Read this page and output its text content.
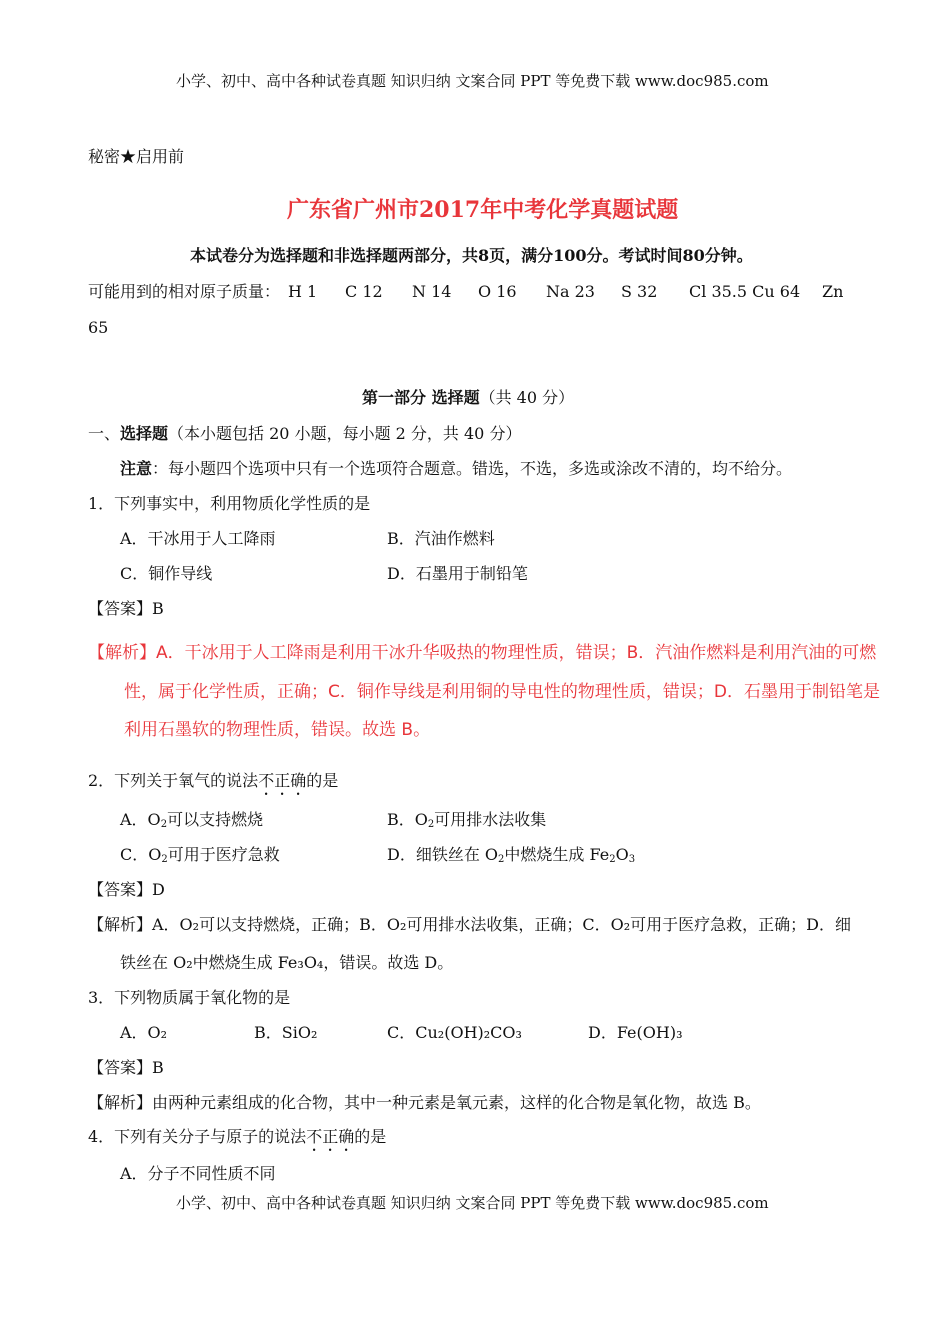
小学、初中、高中各种试卷真题 知识归纳 文案合同 PPT 等免费下载 www.doc985.com
秘密★启用前
广东省广州市2017年中考化学真题试题
本试卷分为选择题和非选择题两部分，共8页，满分100分。考试时间80分钟。
可能用到的相对原子质量： H 1 C 12 N 14 O 16 Na 23 S 32 Cl 35.5 Cu 64 Zn
65
第一部分 选择题（共 40 分）
一、选择题（本小题包括 20 小题，每小题 2 分，共 40 分）
注意：每小题四个选项中只有一个选项符合题意。错选，不选，多选或涂改不清的，均不给分。
1．下列事实中，利用物质化学性质的是
A．干冰用于人工降雨	B．汽油作燃料
C．铜作导线	D．石墨用于制铅笔
【答案】B
【解析】A．干冰用于人工降雨是利用干冰升华吸热的物理性质，错误；B．汽油作燃料是利用汽油的可燃
性，属于化学性质，正确；C．铜作导线是利用铜的导电性的物理性质，错误；D．石墨用于制铅笔是
利用石墨软的物理性质，错误。故选 B。
2．下列关于氧气的说法不正确的是
A．$O_2$可以支持燃烧	B．$O_2$可用排水法收集
C．$O_2$可用于医疗急救	D．细铁丝在 $O_2$中燃烧生成 $Fe_2O_3$
【答案】D
【解析】A．O₂可以支持燃烧，正确；B．O₂可用排水法收集，正确；C．O₂可用于医疗急救，正确；D．细
铁丝在 O₂中燃烧生成 Fe₃O₄，错误。故选 D。
3．下列物质属于氧化物的是
A．O₂	B．SiO₂	C．Cu₂(OH)₂CO₃	D．Fe(OH)₃
【答案】B
【解析】由两种元素组成的化合物，其中一种元素是氧元素，这样的化合物是氧化物，故选 B。
4．下列有关分子与原子的说法不正确的是
A．分子不同性质不同
小学、初中、高中各种试卷真题 知识归纳 文案合同 PPT 等免费下载 www.doc985.com
